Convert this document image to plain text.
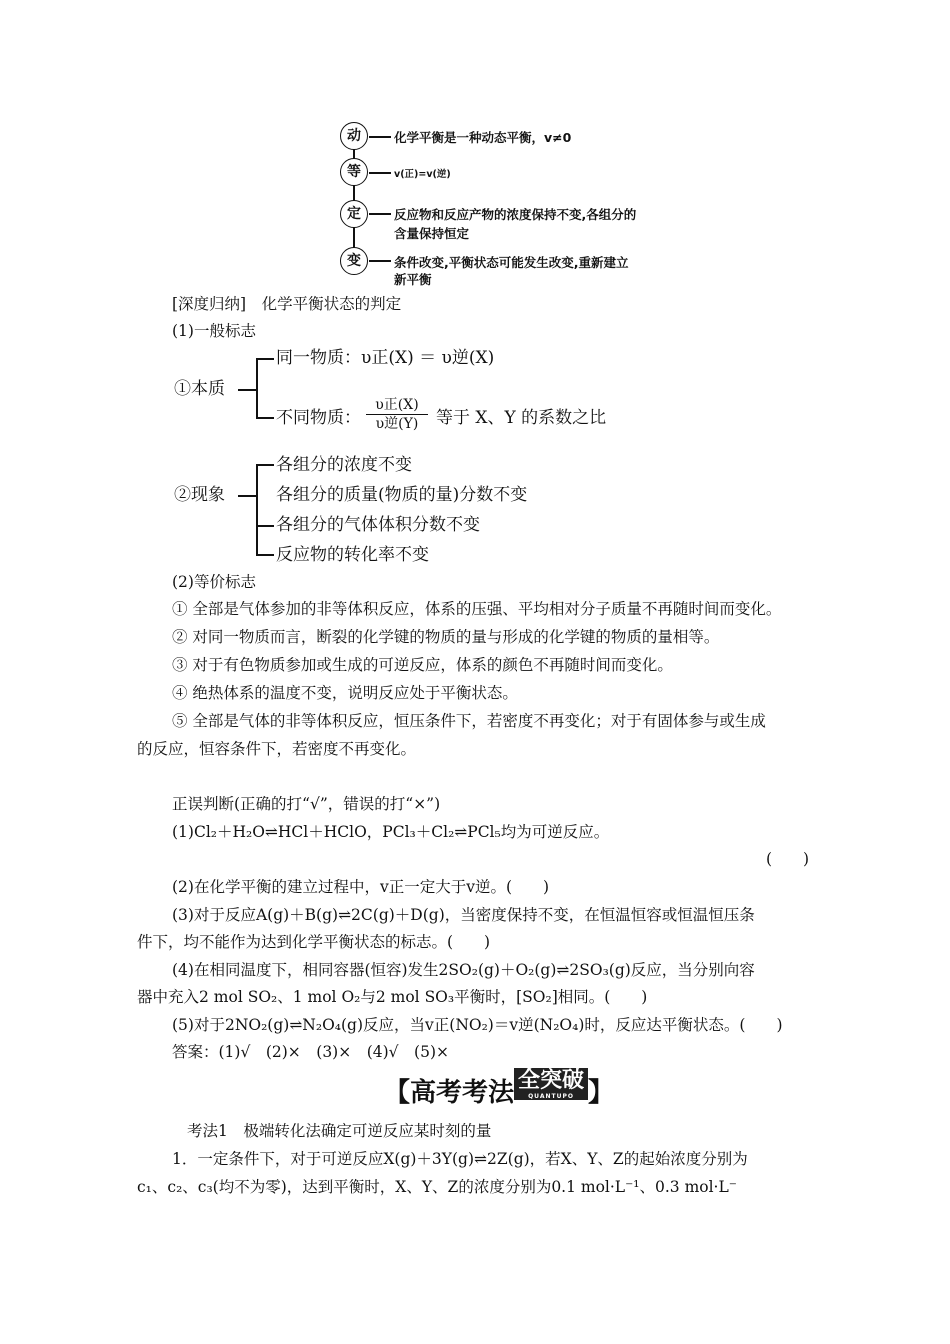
动	化学平衡是一种动态平衡，v≠0
等	v(正)=v(逆)
定	反应物和反应产物的浓度保持不变,各组分的
含量保持恒定
变	条件改变,平衡状态可能发生改变,重新建立
新平衡
[深度归纳]　化学平衡状态的判定
(1)一般标志
①本质
同一物质：υ正(X) ＝ υ逆(X)
不同物质：
υ正(X)
υ逆(Y)	等于 X、Y 的系数之比
②现象
各组分的浓度不变
各组分的质量(物质的量)分数不变
各组分的气体体积分数不变
反应物的转化率不变
(2)等价标志
① 全部是气体参加的非等体积反应，体系的压强、平均相对分子质量不再随时间而变化。
② 对同一物质而言，断裂的化学键的物质的量与形成的化学键的物质的量相等。
③ 对于有色物质参加或生成的可逆反应，体系的颜色不再随时间而变化。
④ 绝热体系的温度不变，说明反应处于平衡状态。
⑤ 全部是气体的非等体积反应，恒压条件下，若密度不再变化；对于有固体参与或生成
的反应，恒容条件下，若密度不再变化。
正误判断(正确的打“√”，错误的打“×”)
(1)Cl₂＋H₂O⇌HCl＋HClO，PCl₃＋Cl₂⇌PCl₅均为可逆反应。
(　　)
(2)在化学平衡的建立过程中，v正一定大于v逆。(　　)
(3)对于反应A(g)＋B(g)⇌2C(g)＋D(g)，当密度保持不变，在恒温恒容或恒温恒压条
件下，均不能作为达到化学平衡状态的标志。(　　)
(4)在相同温度下，相同容器(恒容)发生2SO₂(g)＋O₂(g)⇌2SO₃(g)反应，当分别向容
器中充入2 mol SO₂、1 mol O₂与2 mol SO₃平衡时，[SO₂]相同。(　　)
(5)对于2NO₂(g)⇌N₂O₄(g)反应，当v正(NO₂)＝v逆(N₂O₄)时，反应达平衡状态。(　　)
答案：(1)√　(2)×　(3)×　(4)√　(5)×
【高考考法 全突破
QUANTUPO 】
考法1　极端转化法确定可逆反应某时刻的量
1．一定条件下，对于可逆反应X(g)＋3Y(g)⇌2Z(g)，若X、Y、Z的起始浓度分别为
c₁、c₂、c₃(均不为零)，达到平衡时，X、Y、Z的浓度分别为0.1 mol·L⁻¹、0.3 mol·L⁻
